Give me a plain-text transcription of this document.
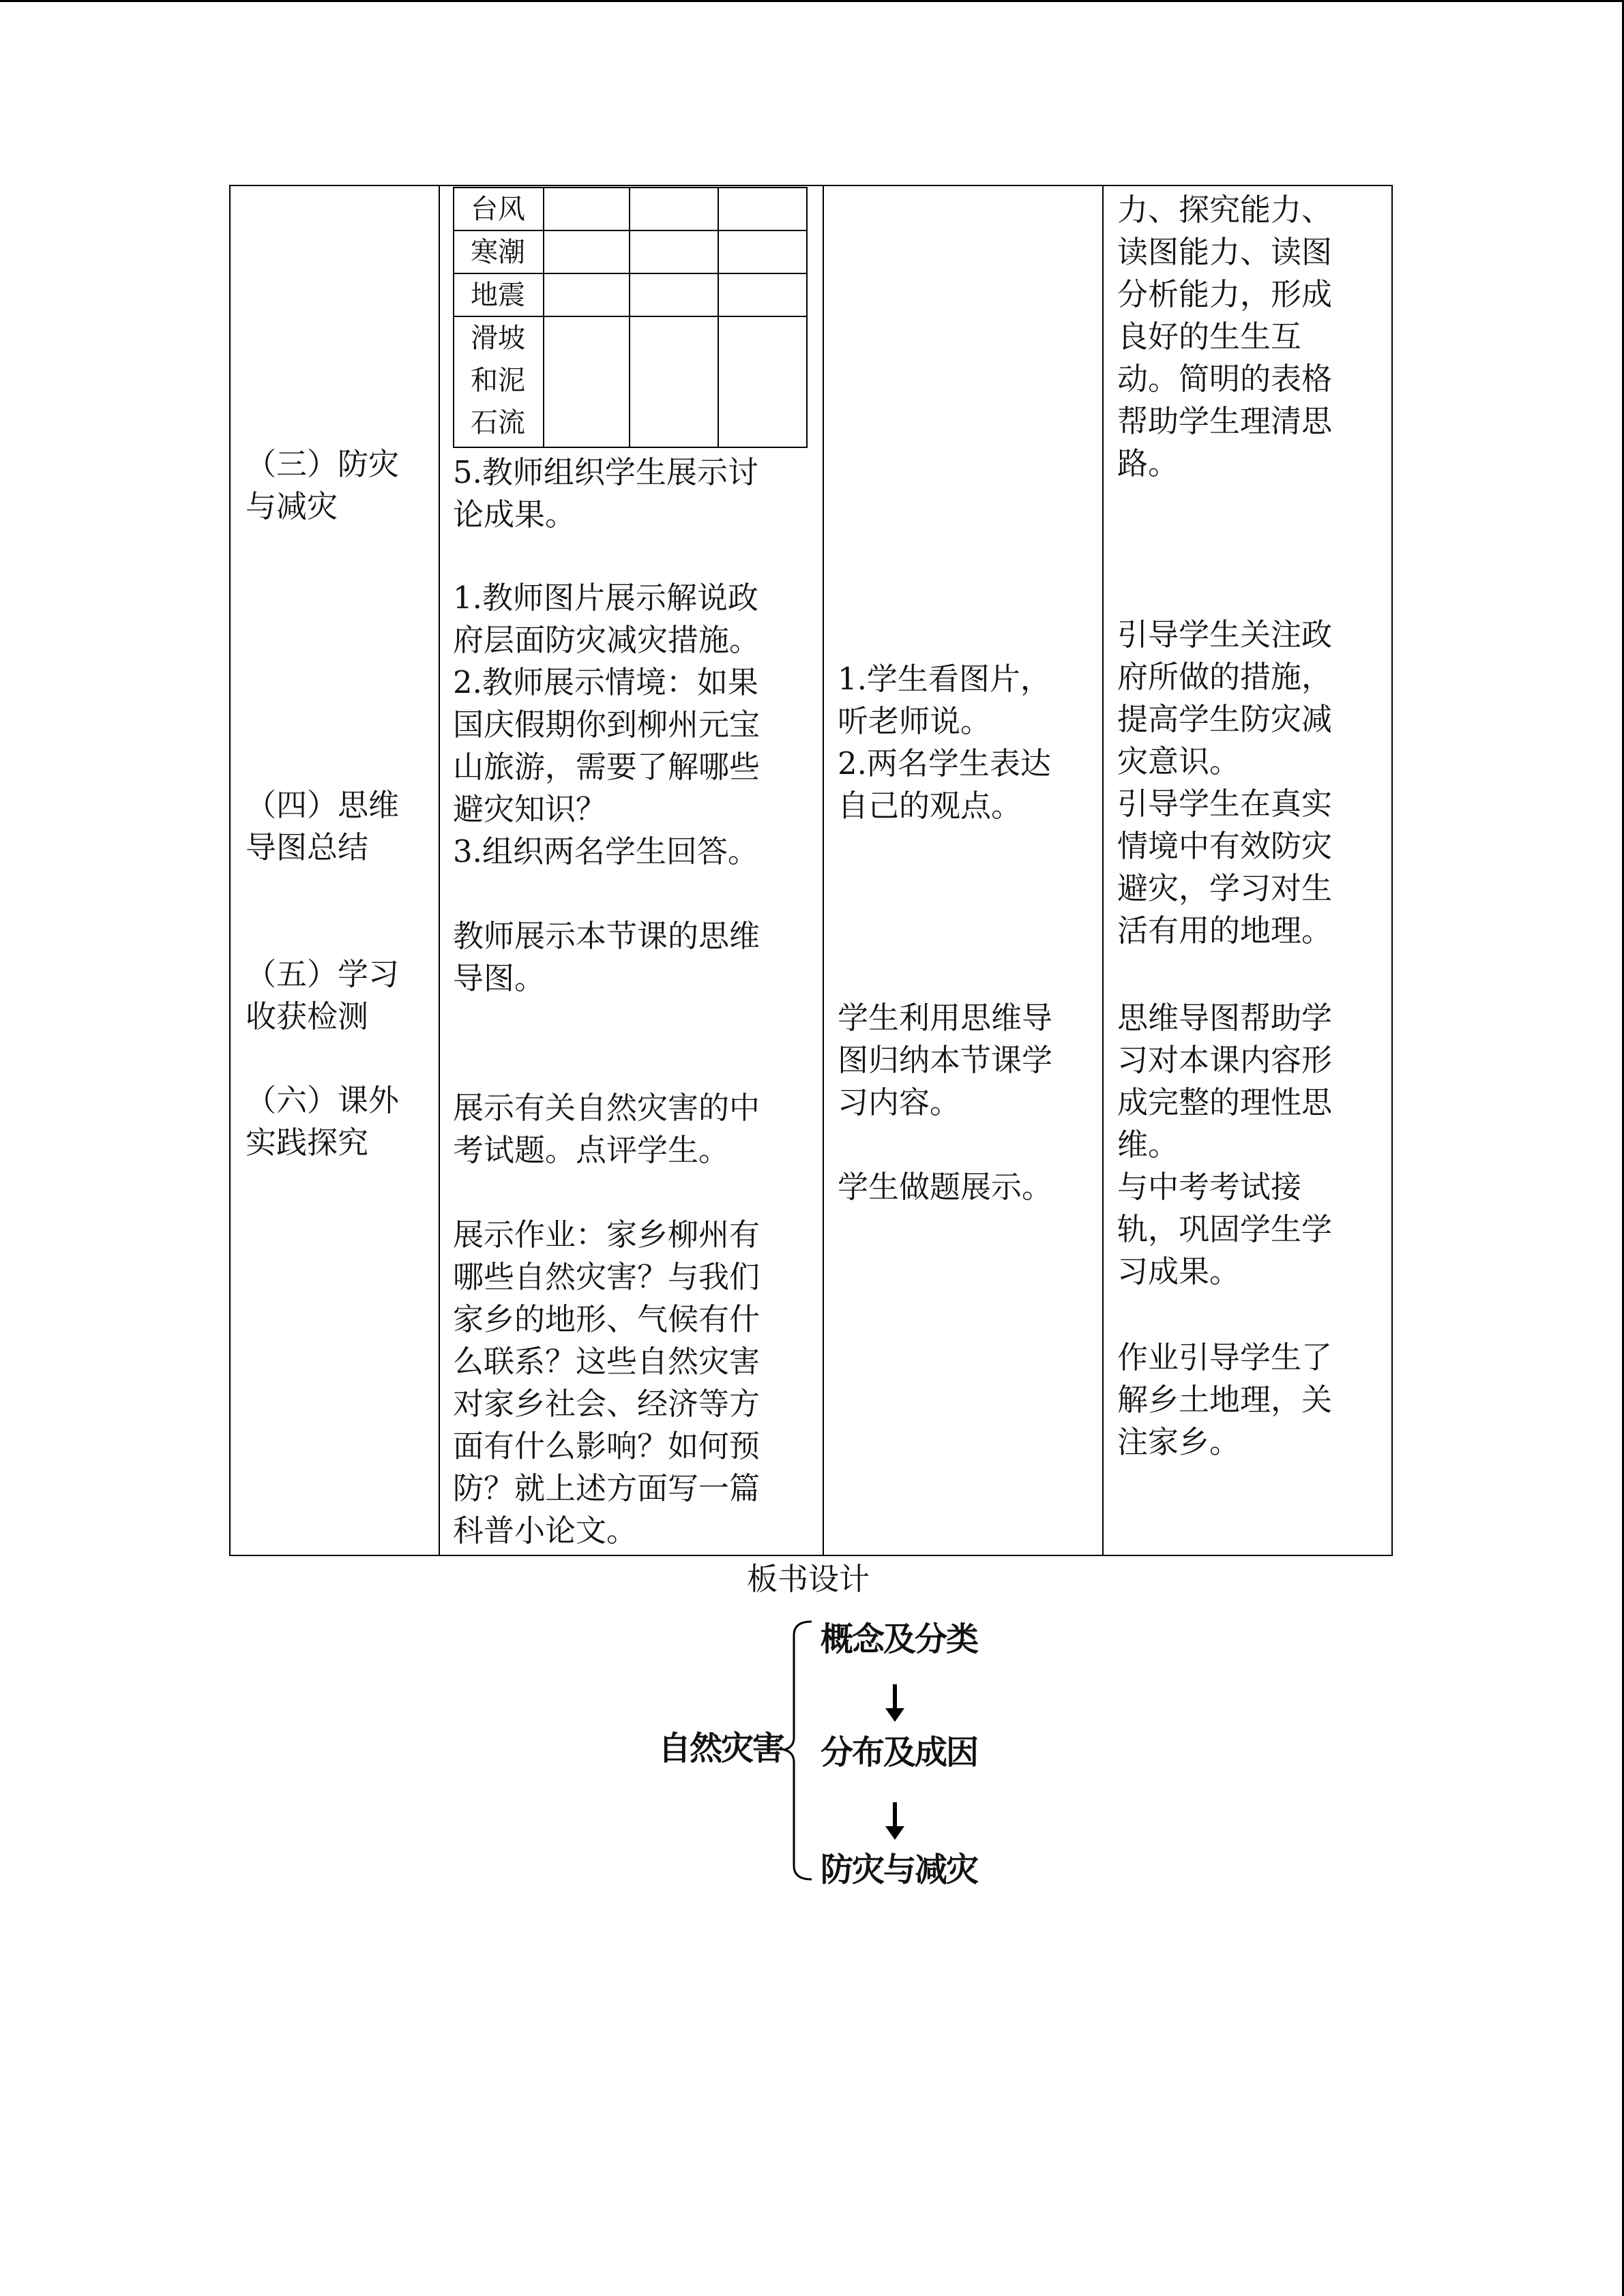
（三）防灾
与减灾
（四）思维
导图总结
（五）学习
收获检测
（六）课外
实践探究
台风
寒潮
地震
滑坡
和泥
石流
5.教师组织学生展示讨
论成果。
1.教师图片展示解说政
府层面防灾减灾措施。
2.教师展示情境：如果
国庆假期你到柳州元宝
山旅游，需要了解哪些
避灾知识？
3.组织两名学生回答。
教师展示本节课的思维
导图。
展示有关自然灾害的中
考试题。点评学生。
展示作业：家乡柳州有
哪些自然灾害？与我们
家乡的地形、气候有什
么联系？这些自然灾害
对家乡社会、经济等方
面有什么影响？如何预
防？就上述方面写一篇
科普小论文。
1.学生看图片，
听老师说。
2.两名学生表达
自己的观点。
学生利用思维导
图归纳本节课学
习内容。
学生做题展示。
力、探究能力、
读图能力、读图
分析能力，形成
良好的生生互
动。简明的表格
帮助学生理清思
路。
引导学生关注政
府所做的措施，
提高学生防灾减
灾意识。
引导学生在真实
情境中有效防灾
避灾，学习对生
活有用的地理。
思维导图帮助学
习对本课内容形
成完整的理性思
维。
与中考考试接
轨，巩固学生学
习成果。
作业引导学生了
解乡土地理，关
注家乡。
板书设计
自然灾害
概念及分类
分布及成因
防灾与减灾
